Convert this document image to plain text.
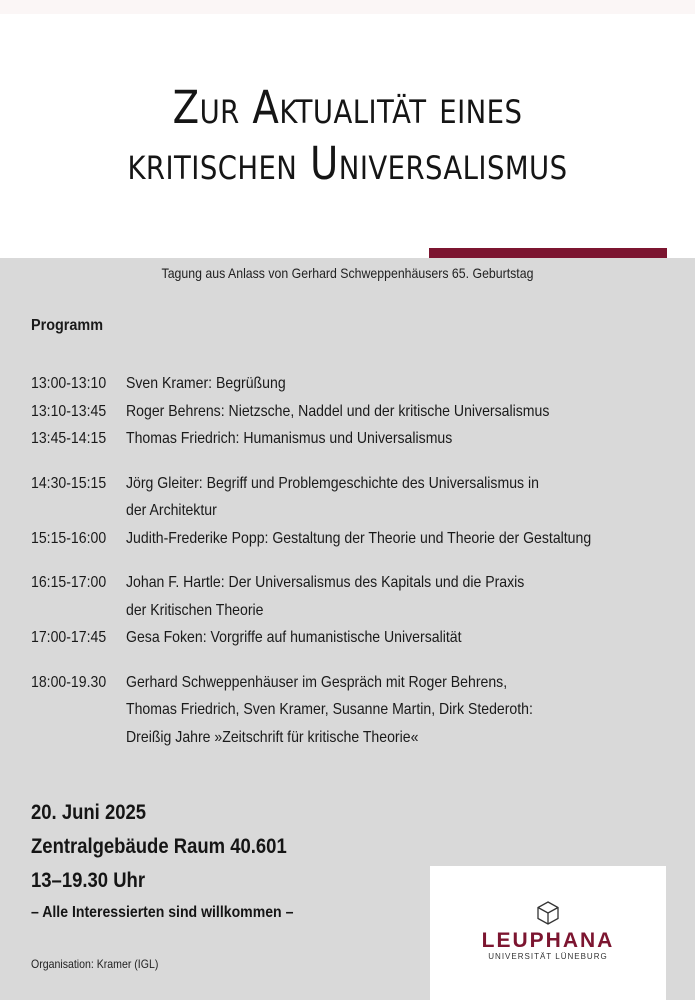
Zur Aktualität eines
kritischen Universalismus
Tagung aus Anlass von Gerhard Schweppenhäusers 65. Geburtstag
Programm
13:00-13:10 Sven Kramer: Begrüßung
13:10-13:45 Roger Behrens: Nietzsche, Naddel und der kritische Universalismus
13:45-14:15 Thomas Friedrich: Humanismus und Universalismus
14:30-15:15 Jörg Gleiter: Begriff und Problemgeschichte des Universalismus in
der Architektur
15:15-16:00 Judith-Frederike Popp: Gestaltung der Theorie und Theorie der Gestaltung
16:15-17:00 Johan F. Hartle: Der Universalismus des Kapitals und die Praxis
der Kritischen Theorie
17:00-17:45 Gesa Foken: Vorgriffe auf humanistische Universalität
18:00-19.30 Gerhard Schweppenhäuser im Gespräch mit Roger Behrens,
Thomas Friedrich, Sven Kramer, Susanne Martin, Dirk Stederoth:
Dreißig Jahre »Zeitschrift für kritische Theorie«
20. Juni 2025
Zentralgebäude Raum 40.601
13–19.30 Uhr
– Alle Interessierten sind willkommen –
Organisation: Kramer (IGL)
LEUPHANA
UNIVERSITÄT LÜNEBURG
